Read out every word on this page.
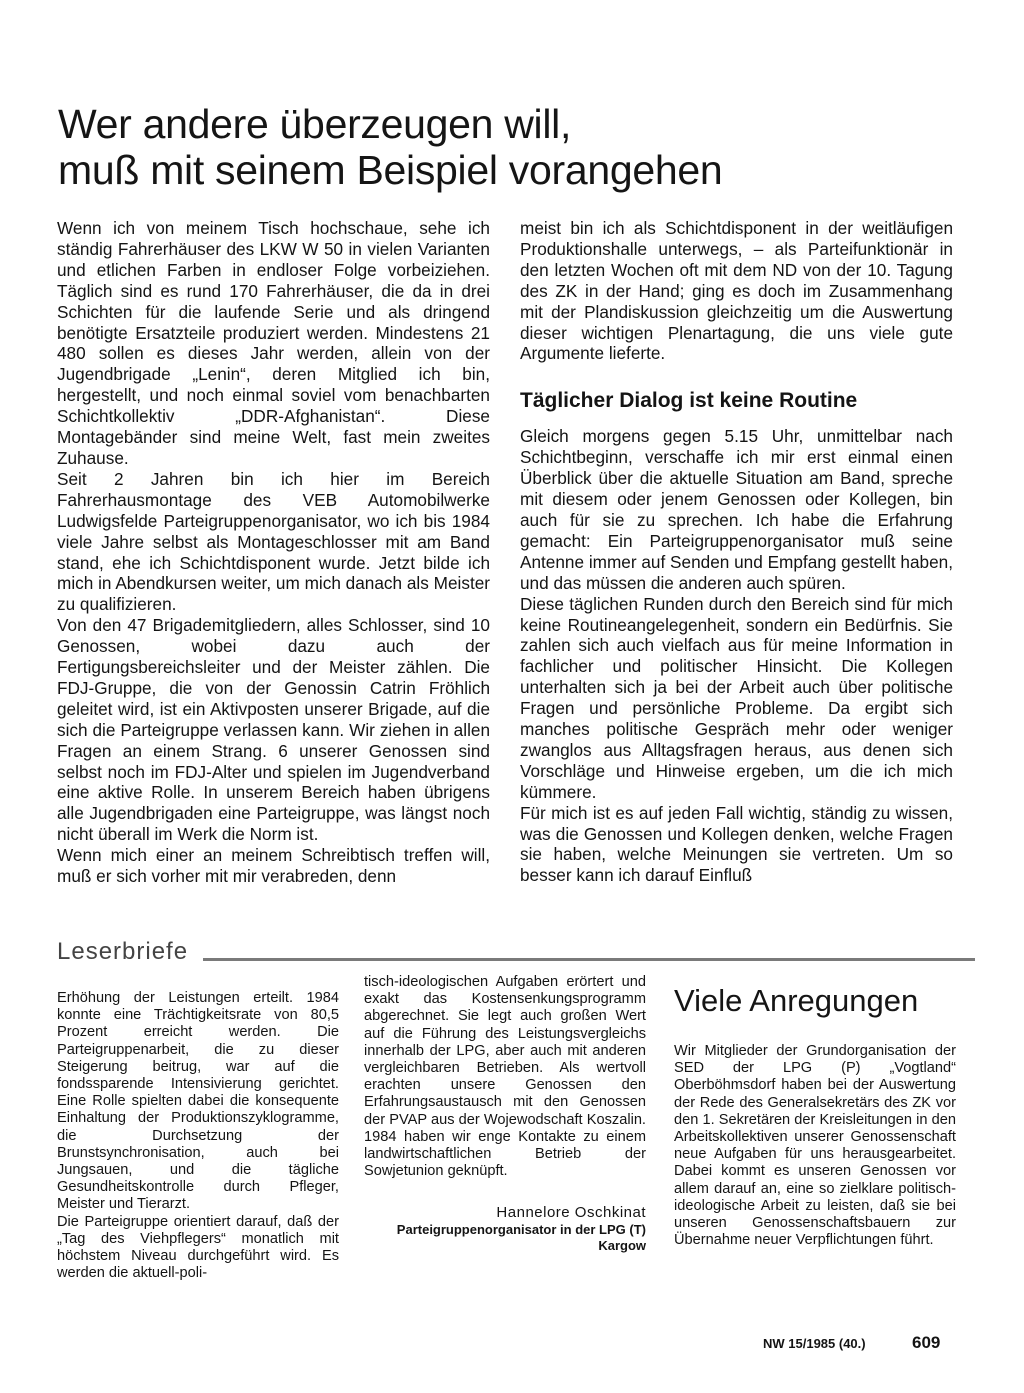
Wer andere überzeugen will,
muß mit seinem Beispiel vorangehen

Wenn ich von meinem Tisch hochschaue, sehe ich ständig Fahrerhäuser des LKW W 50 in vielen Varianten und etlichen Farben in endloser Folge vorbeiziehen. Täglich sind es rund 170 Fahrerhäuser, die da in drei Schichten für die laufende Serie und als dringend benötigte Ersatzteile produziert werden. Mindestens 21 480 sollen es dieses Jahr werden, allein von der Jugendbrigade „Lenin“, deren Mitglied ich bin, hergestellt, und noch einmal soviel vom benachbarten Schichtkollektiv „DDR-Afghanistan“. Diese Montagebänder sind meine Welt, fast mein zweites Zuhause.

Seit 2 Jahren bin ich hier im Bereich Fahrerhausmontage des VEB Automobilwerke Ludwigsfelde Parteigruppenorganisator, wo ich bis 1984 viele Jahre selbst als Montageschlosser mit am Band stand, ehe ich Schichtdisponent wurde. Jetzt bilde ich mich in Abendkursen weiter, um mich danach als Meister zu qualifizieren.

Von den 47 Brigademitgliedern, alles Schlosser, sind 10 Genossen, wobei dazu auch der Fertigungsbereichsleiter und der Meister zählen. Die FDJ-Gruppe, die von der Genossin Catrin Fröhlich geleitet wird, ist ein Aktivposten unserer Brigade, auf die sich die Parteigruppe verlassen kann. Wir ziehen in allen Fragen an einem Strang. 6 unserer Genossen sind selbst noch im FDJ-Alter und spielen im Jugendverband eine aktive Rolle. In unserem Bereich haben übrigens alle Jugendbrigaden eine Parteigruppe, was längst noch nicht überall im Werk die Norm ist.

Wenn mich einer an meinem Schreibtisch treffen will, muß er sich vorher mit mir verabreden, denn

meist bin ich als Schichtdisponent in der weitläufigen Produktionshalle unterwegs, – als Parteifunktionär in den letzten Wochen oft mit dem ND von der 10. Tagung des ZK in der Hand; ging es doch im Zusammenhang mit der Plandiskussion gleichzeitig um die Auswertung dieser wichtigen Plenartagung, die uns viele gute Argumente lieferte.

Täglicher Dialog ist keine Routine

Gleich morgens gegen 5.15 Uhr, unmittelbar nach Schichtbeginn, verschaffe ich mir erst einmal einen Überblick über die aktuelle Situation am Band, spreche mit diesem oder jenem Genossen oder Kollegen, bin auch für sie zu sprechen. Ich habe die Erfahrung gemacht: Ein Parteigruppenorganisator muß seine Antenne immer auf Senden und Empfang gestellt haben, und das müssen die anderen auch spüren.

Diese täglichen Runden durch den Bereich sind für mich keine Routineangelegenheit, sondern ein Bedürfnis. Sie zahlen sich auch vielfach aus für meine Information in fachlicher und politischer Hinsicht. Die Kollegen unterhalten sich ja bei der Arbeit auch über politische Fragen und persönliche Probleme. Da ergibt sich manches politische Gespräch mehr oder weniger zwanglos aus Alltagsfragen heraus, aus denen sich Vorschläge und Hinweise ergeben, um die ich mich kümmere.

Für mich ist es auf jeden Fall wichtig, ständig zu wissen, was die Genossen und Kollegen denken, welche Fragen sie haben, welche Meinungen sie vertreten. Um so besser kann ich darauf Einfluß

Leserbriefe

Erhöhung der Leistungen erteilt. 1984 konnte eine Trächtigkeitsrate von 80,5 Prozent erreicht werden. Die Parteigruppenarbeit, die zu dieser Steigerung beitrug, war auf die fondssparende Intensivierung gerichtet. Eine Rolle spielten dabei die konsequente Einhaltung der Produktionszyklogramme, die Durchsetzung der Brunstsynchronisation, auch bei Jungsauen, und die tägliche Gesundheitskontrolle durch Pfleger, Meister und Tierarzt.

Die Parteigruppe orientiert darauf, daß der „Tag des Viehpflegers“ monatlich mit höchstem Niveau durchgeführt wird. Es werden die aktuell-poli-

tisch-ideologischen Aufgaben erörtert und exakt das Kostensenkungsprogramm abgerechnet. Sie legt auch großen Wert auf die Führung des Leistungsvergleichs innerhalb der LPG, aber auch mit anderen vergleichbaren Betrieben. Als wertvoll erachten unsere Genossen den Erfahrungsaustausch mit den Genossen der PVAP aus der Wojewodschaft Koszalin. 1984 haben wir enge Kontakte zu einem landwirtschaftlichen Betrieb der Sowjetunion geknüpft.

Hannelore Oschkinat
Parteigruppenorganisator in der LPG (T)
Kargow
Viele Anregungen

Wir Mitglieder der Grundorganisation der SED der LPG (P) „Vogtland“ Oberböhmsdorf haben bei der Auswertung der Rede des Generalsekretärs des ZK vor den 1. Sekretären der Kreisleitungen in den Arbeitskollektiven unserer Genossenschaft neue Aufgaben für uns herausgearbeitet. Dabei kommt es unseren Genossen vor allem darauf an, eine so zielklare politisch-ideologische Arbeit zu leisten, daß sie bei unseren Genossenschaftsbauern zur Übernahme neuer Verpflichtungen führt.

NW 15/1985 (40.)	609
